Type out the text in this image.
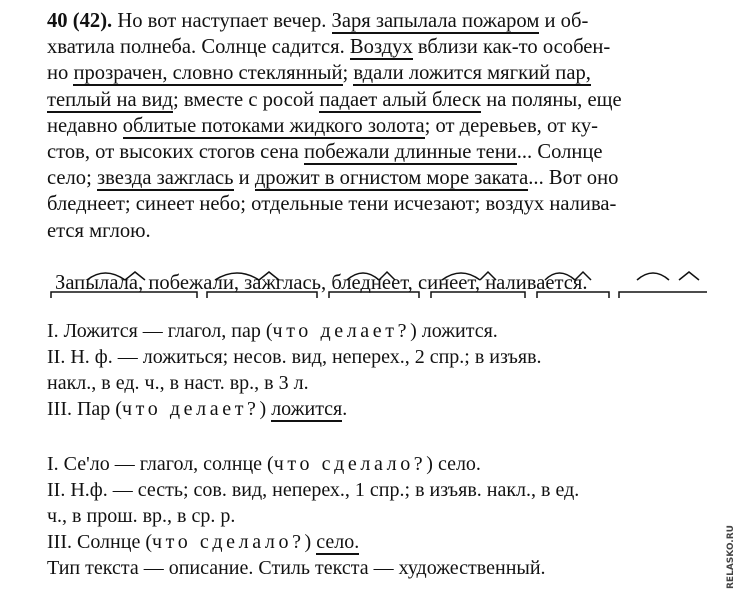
40 (42). Но вот наступает вечер. Заря запылала пожаром и об-
хватила полнеба. Солнце садится. Воздух вблизи как-то особен-
но прозрачен, словно стеклянный; вдали ложится мягкий пар,
теплый на вид; вместе с росой падает алый блеск на поляны, еще
недавно облитые потоками жидкого золота; от деревьев, от ку-
стов, от высоких стогов сена побежали длинные тени... Солнце
село; звезда зажглась и дрожит в огнистом море заката... Вот оно
бледнеет; синеет небо; отдельные тени исчезают; воздух налива-
ется мглою.
Запылала, побежали, зажглась, бледнеет, синеет, наливается.
I. Ложится — глагол, пар (что делает?) ложится.
II. Н. ф. — ложиться; несов. вид, неперех., 2 спр.; в изъяв.
накл., в ед. ч., в наст. вр., в 3 л.
III. Пар (что делает?) ложится.
I. Се'ло — глагол, солнце (что сделало?) село.
II. Н.ф. — сесть; сов. вид, неперех., 1 спр.; в изъяв. накл., в ед.
ч., в прош. вр., в ср. р.
III. Солнце (что сделало?) село.
Тип текста — описание. Стиль текста — художественный.	RELASKO.RU
